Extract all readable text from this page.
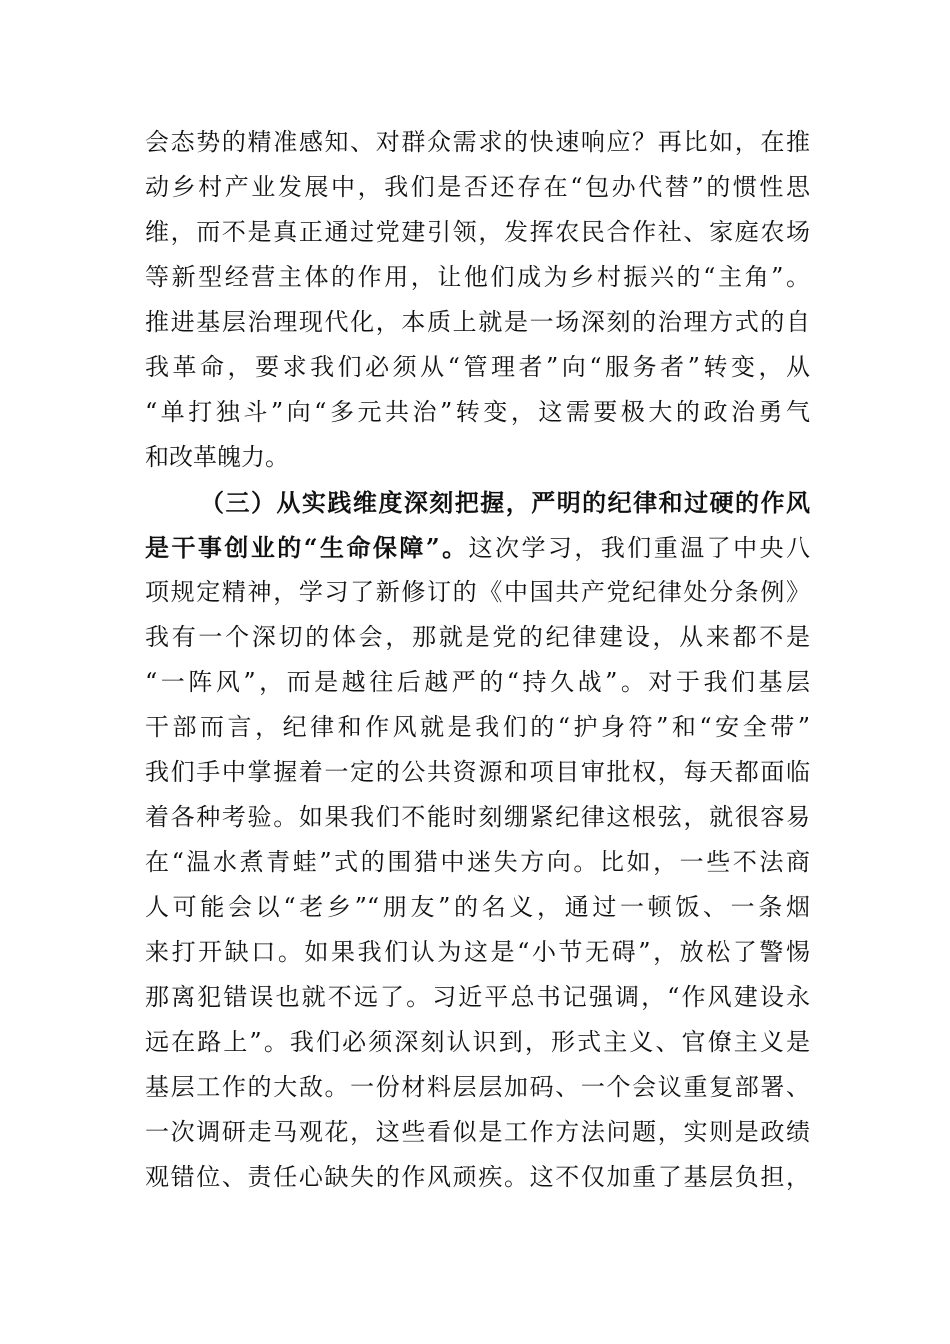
会态势的精准感知、对群众需求的快速响应？再比如，在推
动乡村产业发展中，我们是否还存在“包办代替”的惯性思
维，而不是真正通过党建引领，发挥农民合作社、家庭农场
等新型经营主体的作用，让他们成为乡村振兴的“主角”。
推进基层治理现代化，本质上就是一场深刻的治理方式的自
我革命，要求我们必须从“管理者”向“服务者”转变，从
“单打独斗”向“多元共治”转变，这需要极大的政治勇气
和改革魄力。
（三）从实践维度深刻把握，严明的纪律和过硬的作风
是干事创业的“生命保障”。这次学习，我们重温了中央八
项规定精神，学习了新修订的《中国共产党纪律处分条例》
我有一个深切的体会，那就是党的纪律建设，从来都不是
“一阵风”，而是越往后越严的“持久战”。对于我们基层
干部而言，纪律和作风就是我们的“护身符”和“安全带”
我们手中掌握着一定的公共资源和项目审批权，每天都面临
着各种考验。如果我们不能时刻绷紧纪律这根弦，就很容易
在“温水煮青蛙”式的围猎中迷失方向。比如，一些不法商
人可能会以“老乡”“朋友”的名义，通过一顿饭、一条烟
来打开缺口。如果我们认为这是“小节无碍”，放松了警惕
那离犯错误也就不远了。习近平总书记强调，“作风建设永
远在路上”。我们必须深刻认识到，形式主义、官僚主义是
基层工作的大敌。一份材料层层加码、一个会议重复部署、
一次调研走马观花，这些看似是工作方法问题，实则是政绩
观错位、责任心缺失的作风顽疾。这不仅加重了基层负担，
